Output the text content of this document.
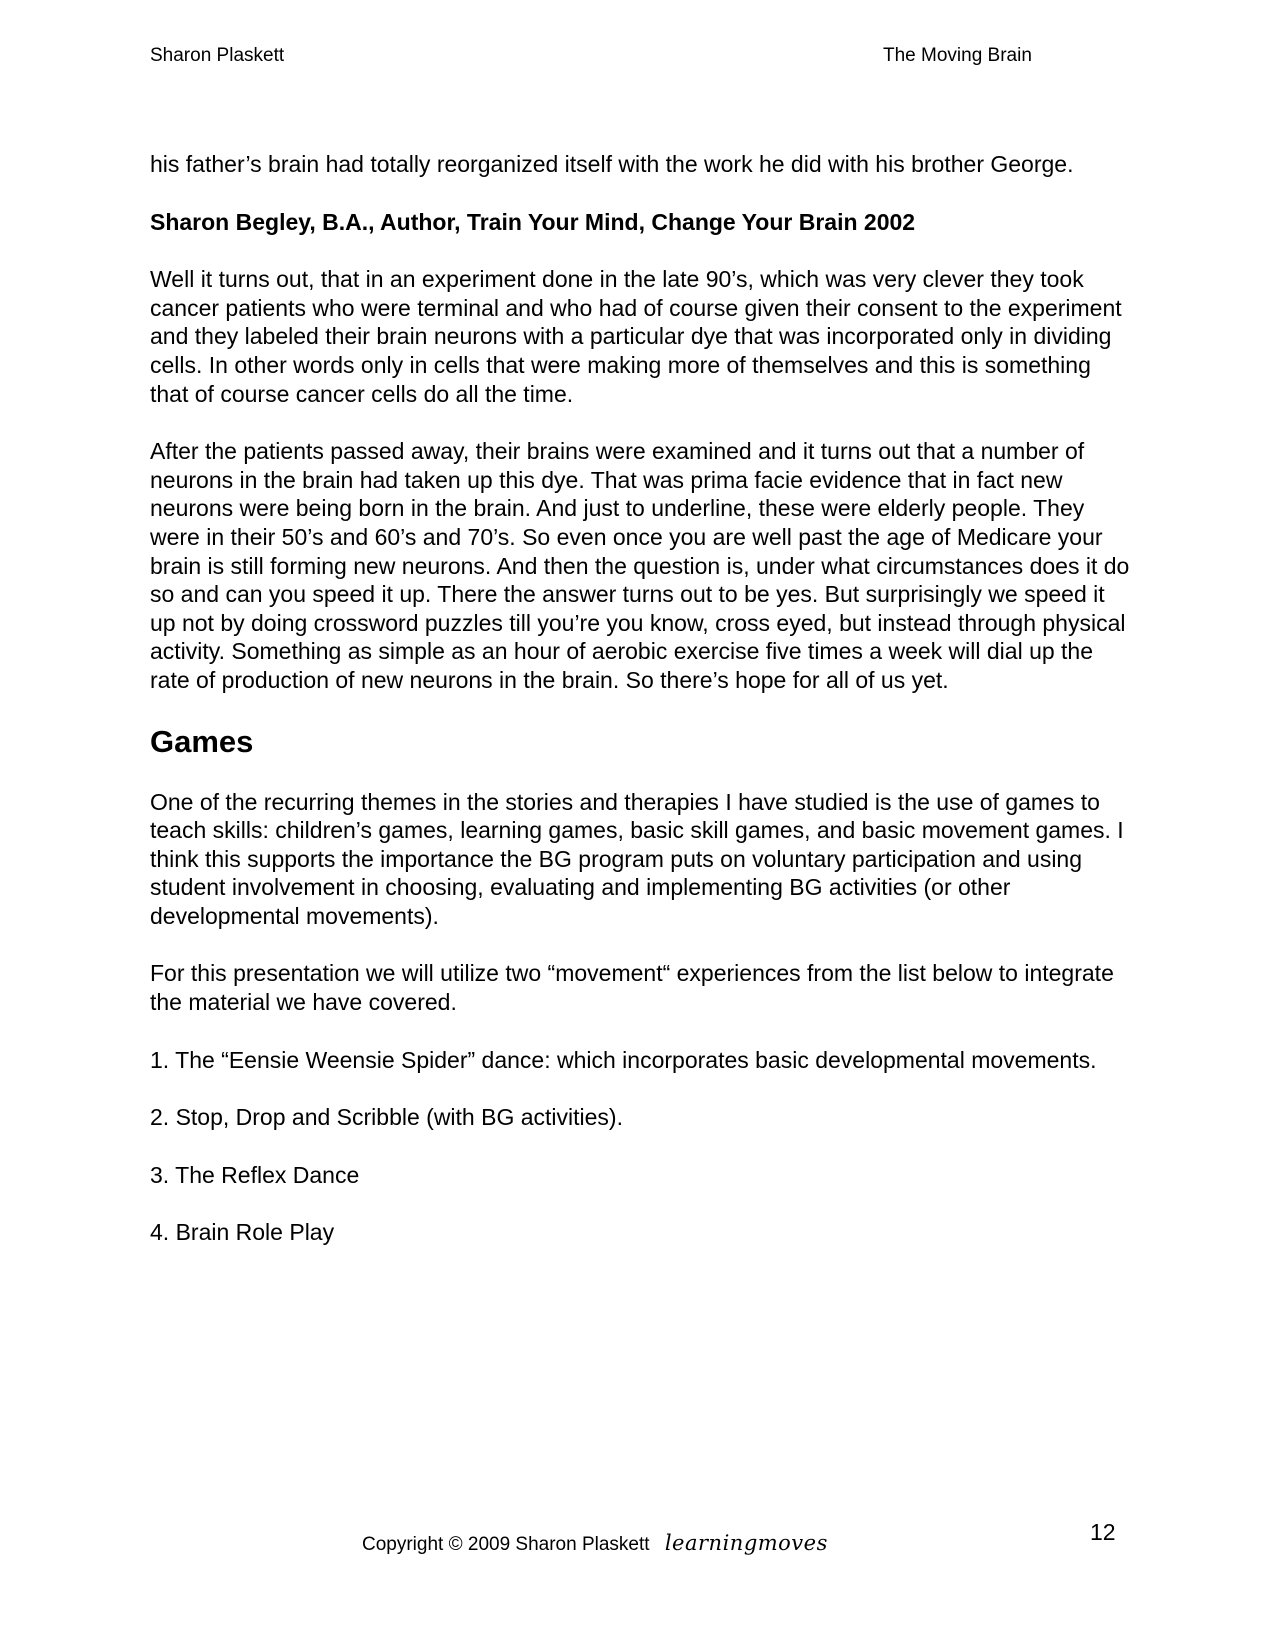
Sharon Plaskett	The Moving Brain

his father’s brain had totally reorganized itself with the work he did with his brother George.

Sharon Begley, B.A., Author, Train Your Mind, Change Your Brain 2002

Well it turns out, that in an experiment done in the late 90’s, which was very clever they took cancer patients who were terminal and who had of course given their consent to the experiment and they labeled their brain neurons with a particular dye that was incorporated only in dividing cells. In other words only in cells that were making more of themselves and this is something that of course cancer cells do all the time.

After the patients passed away, their brains were examined and it turns out that a number of neurons in the brain had taken up this dye. That was prima facie evidence that in fact new neurons were being born in the brain. And just to underline, these were elderly people. They were in their 50’s and 60’s and 70’s. So even once you are well past the age of Medicare your brain is still forming new neurons. And then the question is, under what circumstances does it do so and can you speed it up. There the answer turns out to be yes. But surprisingly we speed it up not by doing crossword puzzles till you’re you know, cross eyed, but instead through physical activity. Something as simple as an hour of aerobic exercise five times a week will dial up the rate of production of new neurons in the brain. So there’s hope for all of us yet.

Games

One of the recurring themes in the stories and therapies I have studied is the use of games to teach skills: children’s games, learning games, basic skill games, and basic movement games. I think this supports the importance the BG program puts on voluntary participation and using student involvement in choosing, evaluating and implementing BG activities (or other developmental movements).

For this presentation we will utilize two “movement“ experiences from the list below to integrate the material we have covered.

1. The “Eensie Weensie Spider” dance: which incorporates basic developmental movements.

2. Stop, Drop and Scribble (with BG activities).

3. The Reflex Dance

4. Brain Role Play

Copyright © 2009 Sharon Plaskett learningmoves	12
